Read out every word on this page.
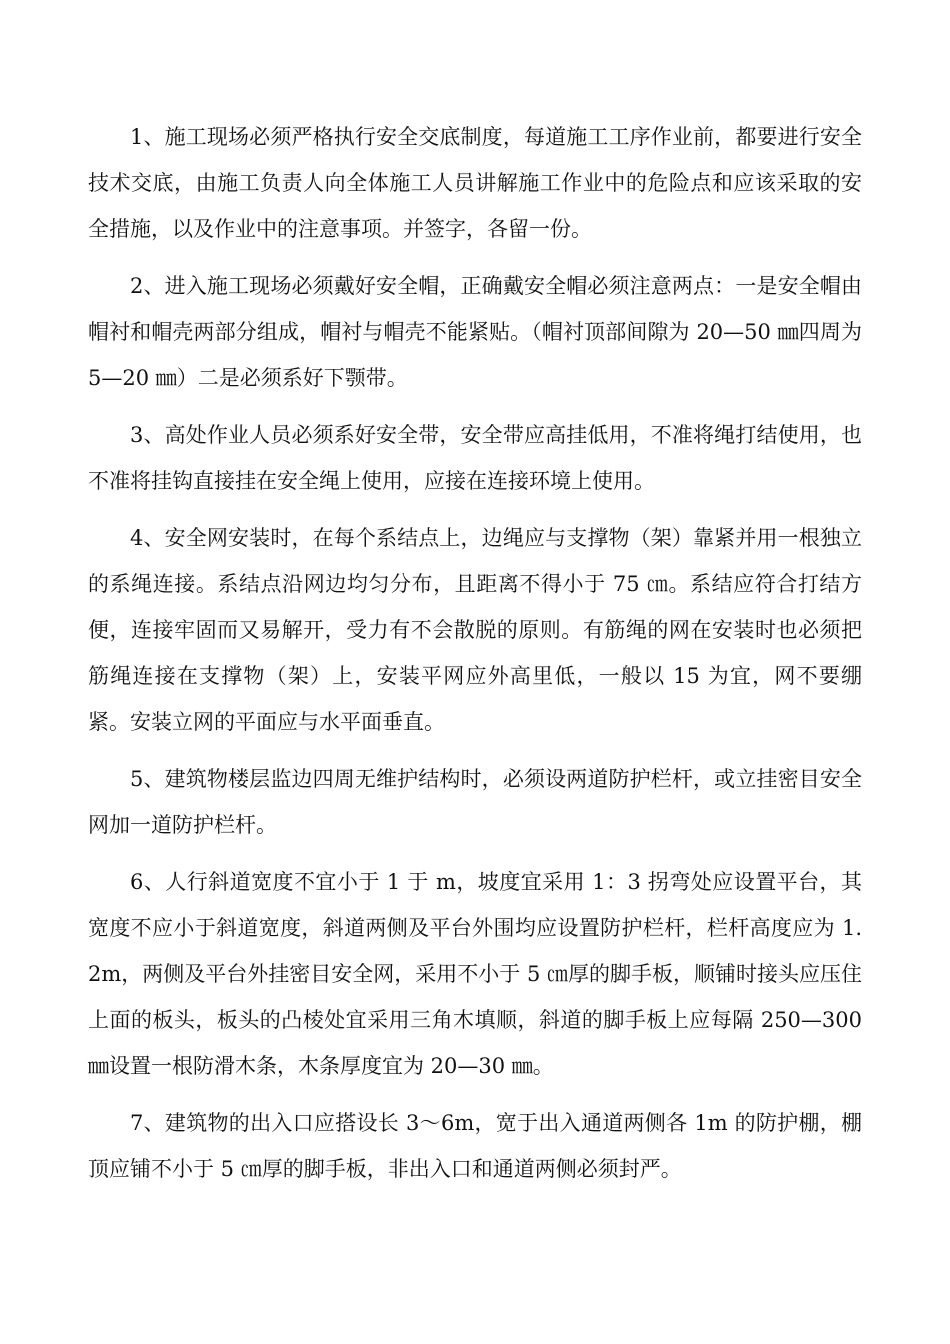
1、施工现场必须严格执行安全交底制度，每道施工工序作业前，都要进行安全技术交底，由施工负责人向全体施工人员讲解施工作业中的危险点和应该采取的安全措施，以及作业中的注意事项。并签字，各留一份。

2、进入施工现场必须戴好安全帽，正确戴安全帽必须注意两点：一是安全帽由帽衬和帽壳两部分组成，帽衬与帽壳不能紧贴。（帽衬顶部间隙为 20—50 ㎜四周为 5—20 ㎜）二是必须系好下颚带。

3、高处作业人员必须系好安全带，安全带应高挂低用，不准将绳打结使用，也不准将挂钩直接挂在安全绳上使用，应接在连接环境上使用。

4、安全网安装时，在每个系结点上，边绳应与支撑物（架）靠紧并用一根独立的系绳连接。系结点沿网边均匀分布，且距离不得小于 75 ㎝。系结应符合打结方便，连接牢固而又易解开，受力有不会散脱的原则。有筋绳的网在安装时也必须把筋绳连接在支撑物（架）上，安装平网应外高里低，一般以 15 为宜，网不要绷紧。安装立网的平面应与水平面垂直。

5、建筑物楼层监边四周无维护结构时，必须设两道防护栏杆，或立挂密目安全网加一道防护栏杆。

6、人行斜道宽度不宜小于 1 于 m，坡度宜采用 1：3 拐弯处应设置平台，其宽度不应小于斜道宽度，斜道两侧及平台外围均应设置防护栏杆，栏杆高度应为 1.2m，两侧及平台外挂密目安全网，采用不小于 5 ㎝厚的脚手板，顺铺时接头应压住上面的板头，板头的凸棱处宜采用三角木填顺，斜道的脚手板上应每隔 250—300 ㎜设置一根防滑木条，木条厚度宜为 20—30 ㎜。

7、建筑物的出入口应搭设长 3～6m，宽于出入通道两侧各 1m 的防护棚，棚顶应铺不小于 5 ㎝厚的脚手板，非出入口和通道两侧必须封严。
